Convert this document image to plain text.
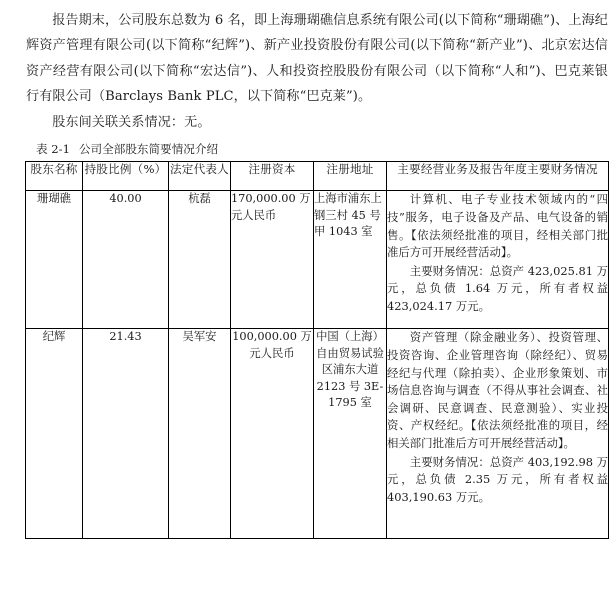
报告期末，公司股东总数为 6 名，即上海珊瑚礁信息系统有限公司(以下简称“珊瑚礁”)、上海纪辉资产管理有限公司(以下简称“纪辉”)、新产业投资股份有限公司(以下简称“新产业”)、北京宏达信资产经营有限公司(以下简称“宏达信”)、人和投资控股股份有限公司（以下简称“人和”)、巴克莱银行有限公司（Barclays Bank PLC，以下简称“巴克莱”)。

股东间关联关系情况：无。

表 2-1 公司全部股东简要情况介绍
股东名称	持股比例（%）	法定代表人	注册资本	注册地址	主要经营业务及报告年度主要财务情况
珊瑚礁	40.00	杭磊	170,000.00 万元人民币	上海市浦东上钢三村 45 号甲 1043 室	计算机、电子专业技术领域内的“四技”服务，电子设备及产品、电气设备的销售。【依法须经批准的项目，经相关部门批准后方可开展经营活动】。

主要财务情况：总资产 423,025.81 万元，总负债 1.64 万元，所有者权益 423,024.17 万元。

纪辉	21.43	吴军安	100,000.00 万元人民币	中国（上海）自由贸易试验区浦东大道 2123 号 3E-1795 室	资产管理（除金融业务）、投资管理、投资咨询、企业管理咨询（除经纪）、贸易经纪与代理（除拍卖）、企业形象策划、市场信息咨询与调查（不得从事社会调查、社会调研、民意调查、民意测验）、实业投资、产权经纪。【依法须经批准的项目，经相关部门批准后方可开展经营活动】。

主要财务情况：总资产 403,192.98 万元，总负债 2.35 万元，所有者权益 403,190.63 万元。
